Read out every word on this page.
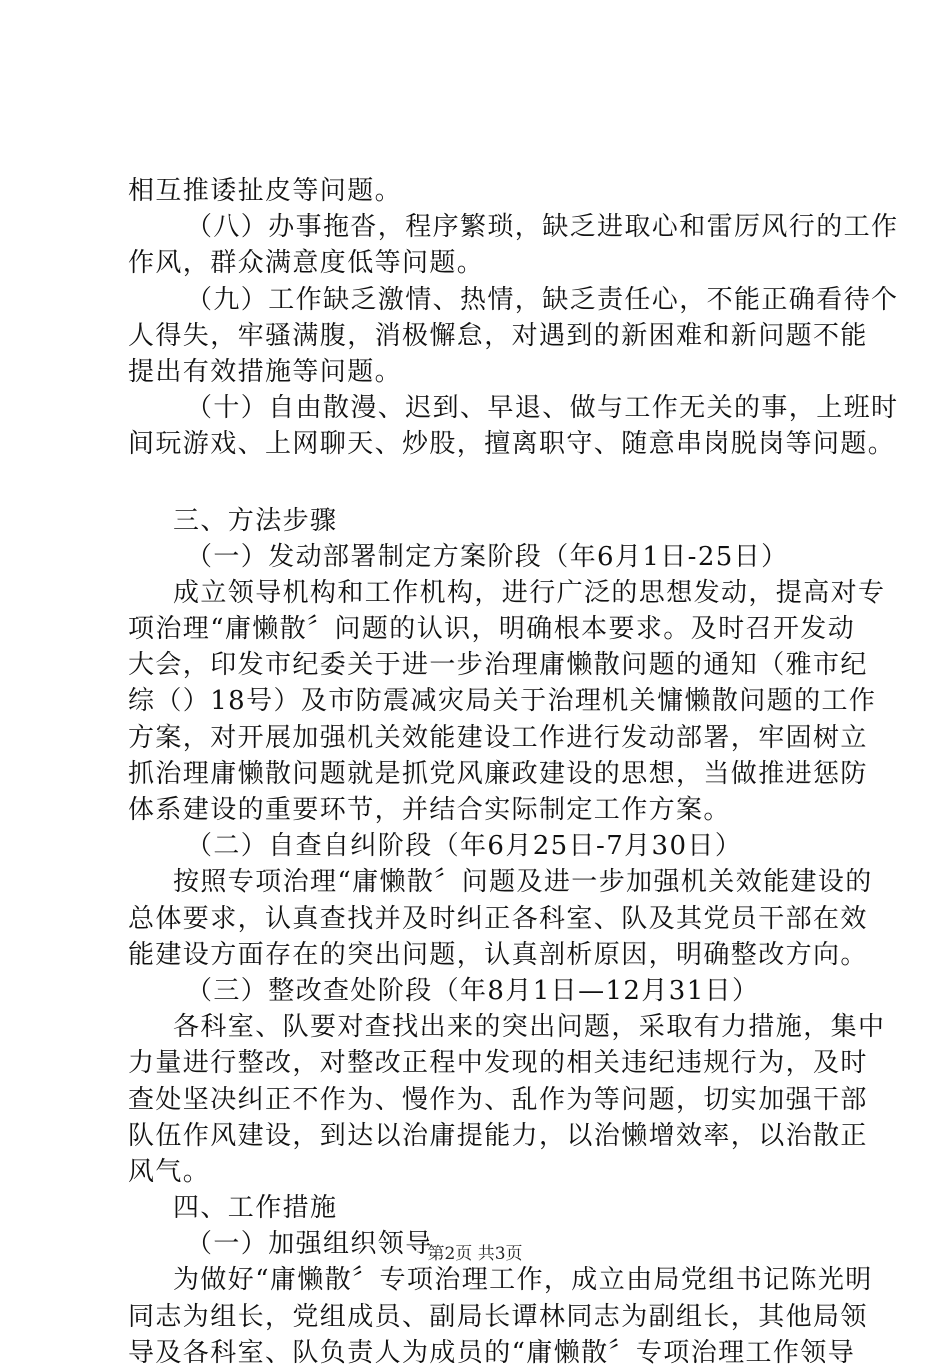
相互推诿扯皮等问题。
（八）办事拖沓，程序繁琐，缺乏进取心和雷厉风行的工作
作风，群众满意度低等问题。
（九）工作缺乏激情、热情，缺乏责任心，不能正确看待个
人得失，牢骚满腹，消极懈怠，对遇到的新困难和新问题不能
提出有效措施等问题。
（十）自由散漫、迟到、早退、做与工作无关的事，上班时
间玩游戏、上网聊天、炒股，擅离职守、随意串岗脱岗等问题。
三、方法步骤
（一）发动部署制定方案阶段（年6月1日-25日）
成立领导机构和工作机构，进行广泛的思想发动，提高对专
项治理“庸懒散〞问题的认识，明确根本要求。及时召开发动
大会，印发市纪委关于进一步治理庸懒散问题的通知（雅市纪
综（）18号）及市防震减灾局关于治理机关慵懒散问题的工作
方案，对开展加强机关效能建设工作进行发动部署，牢固树立
抓治理庸懒散问题就是抓党风廉政建设的思想，当做推进惩防
体系建设的重要环节，并结合实际制定工作方案。
（二）自查自纠阶段（年6月25日-7月30日）
按照专项治理“庸懒散〞问题及进一步加强机关效能建设的
总体要求，认真查找并及时纠正各科室、队及其党员干部在效
能建设方面存在的突出问题，认真剖析原因，明确整改方向。
（三）整改查处阶段（年8月1日—12月31日）
各科室、队要对查找出来的突出问题，采取有力措施，集中
力量进行整改，对整改正程中发现的相关违纪违规行为，及时
查处坚决纠正不作为、慢作为、乱作为等问题，切实加强干部
队伍作风建设，到达以治庸提能力，以治懒增效率，以治散正
风气。
四、工作措施
（一）加强组织领导
为做好“庸懒散〞专项治理工作，成立由局党组书记陈光明
同志为组长，党组成员、副局长谭林同志为副组长，其他局领
导及各科室、队负责人为成员的“庸懒散〞专项治理工作领导
第2页 共3页
